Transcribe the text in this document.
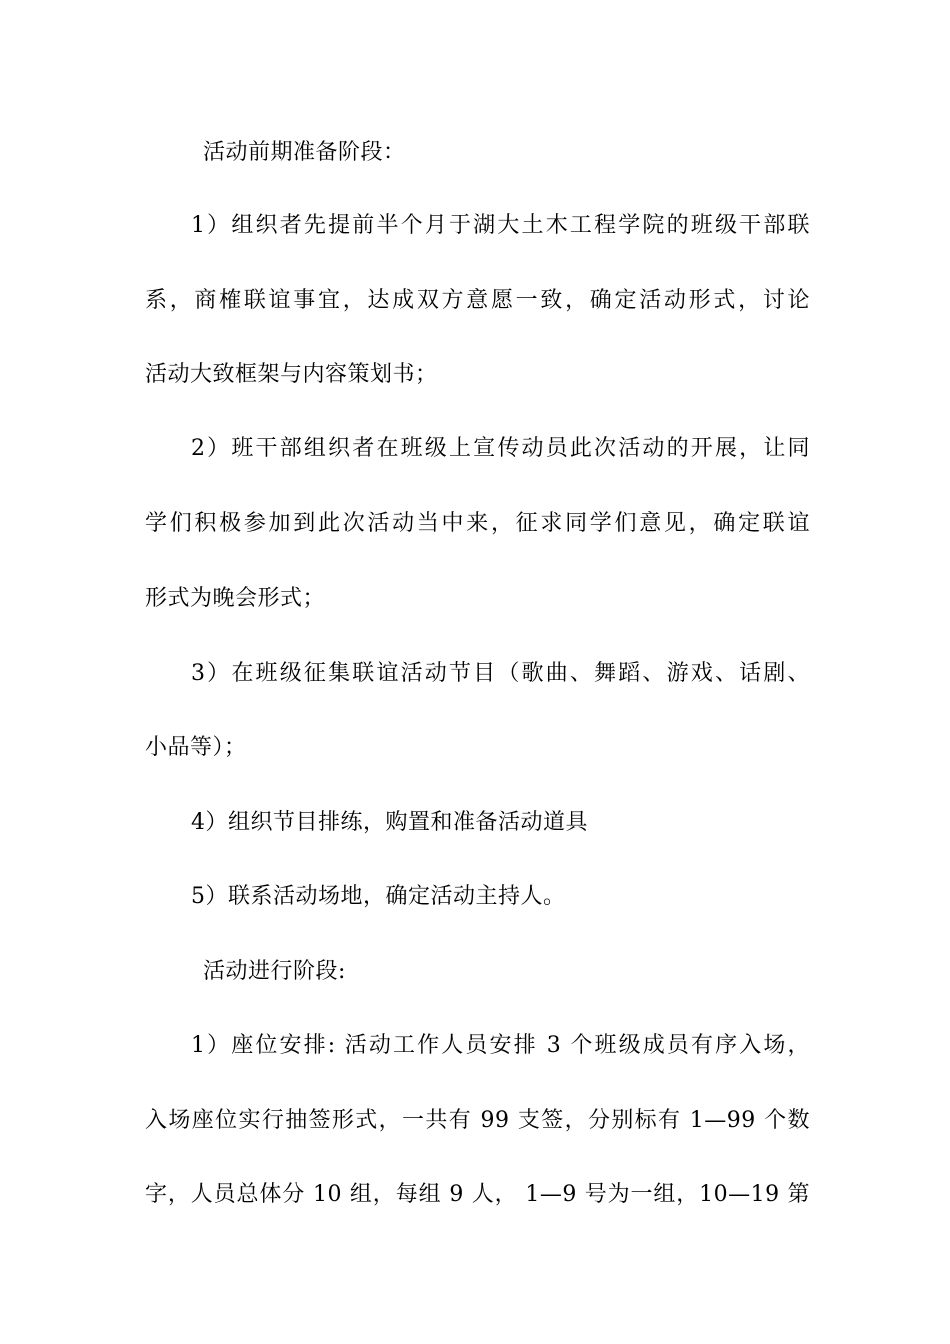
活动前期准备阶段：
1）组织者先提前半个月于湖大土木工程学院的班级干部联
系，商榷联谊事宜，达成双方意愿一致，确定活动形式，讨论
活动大致框架与内容策划书；
2）班干部组织者在班级上宣传动员此次活动的开展，让同
学们积极参加到此次活动当中来，征求同学们意见，确定联谊
形式为晚会形式；
3）在班级征集联谊活动节目（歌曲、舞蹈、游戏、话剧、
小品等）；
4）组织节目排练，购置和准备活动道具
5）联系活动场地，确定活动主持人。
活动进行阶段:
1）座位安排: 活动工作人员安排 3 个班级成员有序入场，
入场座位实行抽签形式，一共有 99 支签，分别标有 1—99 个数
字，人员总体分 10 组，每组 9 人， 1—9 号为一组，10—19 第
